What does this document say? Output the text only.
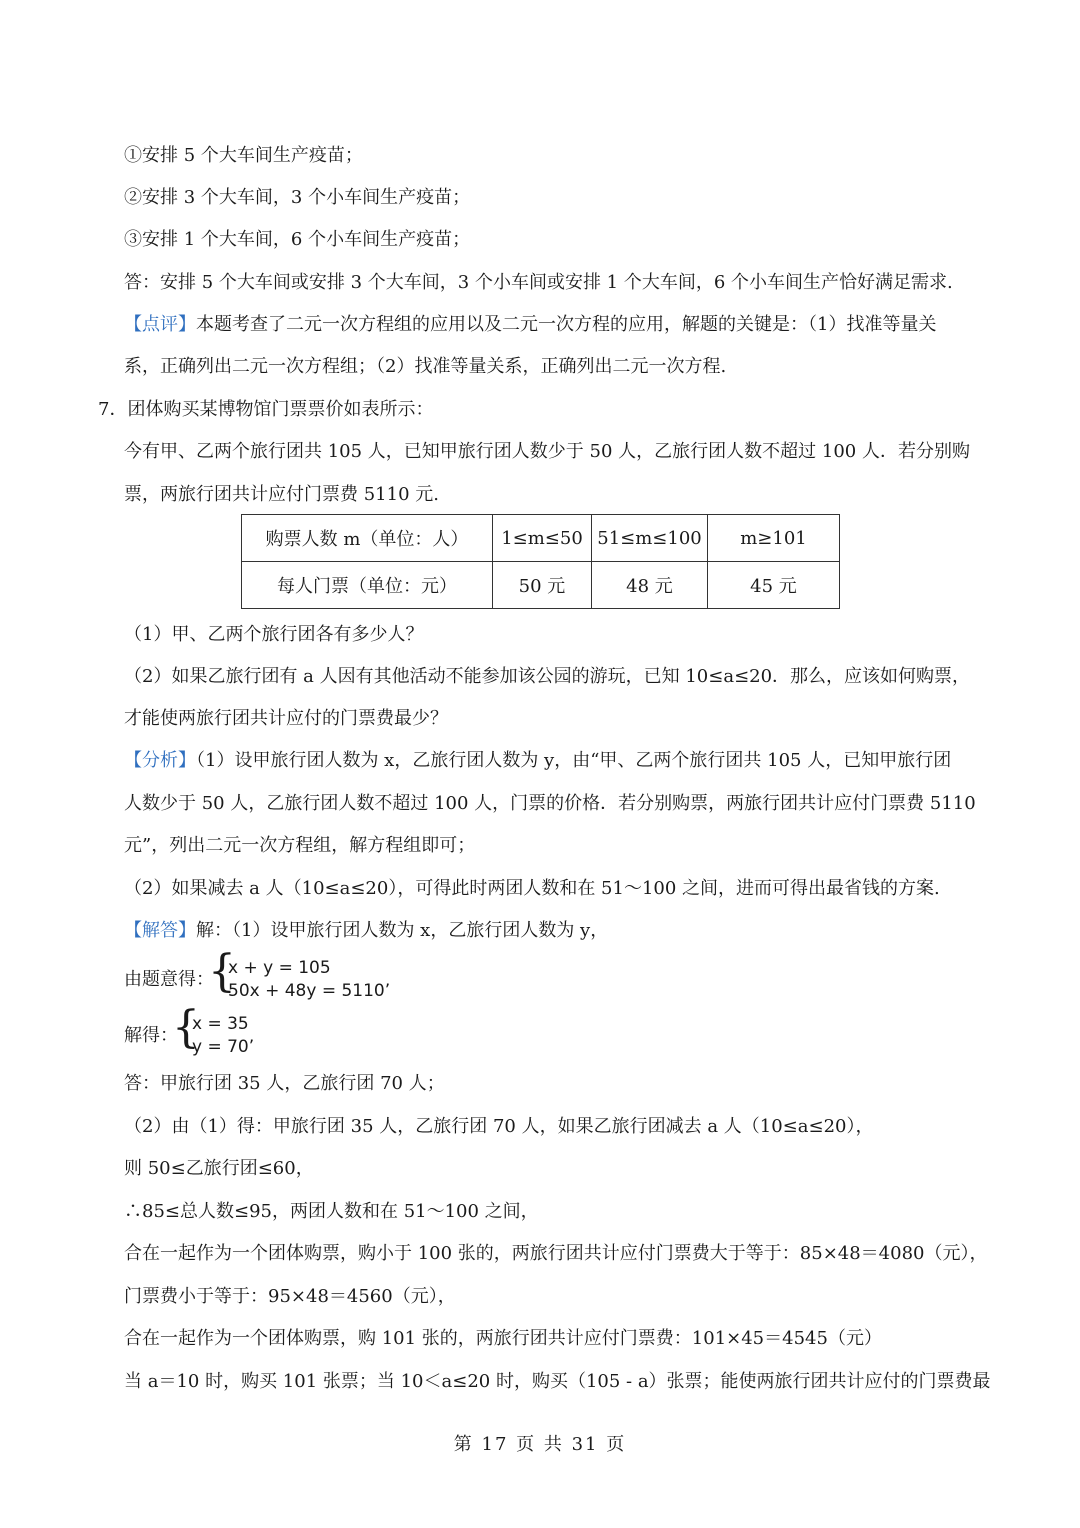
①安排 5 个大车间生产疫苗；
②安排 3 个大车间，3 个小车间生产疫苗；
③安排 1 个大车间，6 个小车间生产疫苗；
答：安排 5 个大车间或安排 3 个大车间，3 个小车间或安排 1 个大车间，6 个小车间生产恰好满足需求.
【点评】本题考查了二元一次方程组的应用以及二元一次方程的应用，解题的关键是：（1）找准等量关
系，正确列出二元一次方程组；（2）找准等量关系，正确列出二元一次方程.
7．团体购买某博物馆门票票价如表所示：
今有甲、乙两个旅行团共 105 人，已知甲旅行团人数少于 50 人，乙旅行团人数不超过 100 人．若分别购
票，两旅行团共计应付门票费 5110 元.
购票人数 m（单位：人）	1≤m≤50	51≤m≤100	m≥101
每人门票（单位：元）	50 元	48 元	45 元
（1）甲、乙两个旅行团各有多少人？
（2）如果乙旅行团有 a 人因有其他活动不能参加该公园的游玩，已知 10≤a≤20．那么，应该如何购票，
才能使两旅行团共计应付的门票费最少？
【分析】（1）设甲旅行团人数为 x，乙旅行团人数为 y，由“甲、乙两个旅行团共 105 人，已知甲旅行团
人数少于 50 人，乙旅行团人数不超过 100 人，门票的价格．若分别购票，两旅行团共计应付门票费 5110
元”，列出二元一次方程组，解方程组即可；
（2）如果减去 a 人（10≤a≤20），可得此时两团人数和在 51～100 之间，进而可得出最省钱的方案.
【解答】解：（1）设甲旅行团人数为 x，乙旅行团人数为 y，
由题意得：
{
x + y = 105
50x + 48y = 5110’
解得：
{
x = 35
y = 70’
答：甲旅行团 35 人，乙旅行团 70 人；
（2）由（1）得：甲旅行团 35 人，乙旅行团 70 人，如果乙旅行团减去 a 人（10≤a≤20），
则 50≤乙旅行团≤60，
∴85≤总人数≤95，两团人数和在 51～100 之间，
合在一起作为一个团体购票，购小于 100 张的，两旅行团共计应付门票费大于等于：85×48＝4080（元），
门票费小于等于：95×48＝4560（元），
合在一起作为一个团体购票，购 101 张的，两旅行团共计应付门票费：101×45＝4545（元）
当 a＝10 时，购买 101 张票；当 10＜a≤20 时，购买（105 - a）张票；能使两旅行团共计应付的门票费最
第 17 页 共 31 页
